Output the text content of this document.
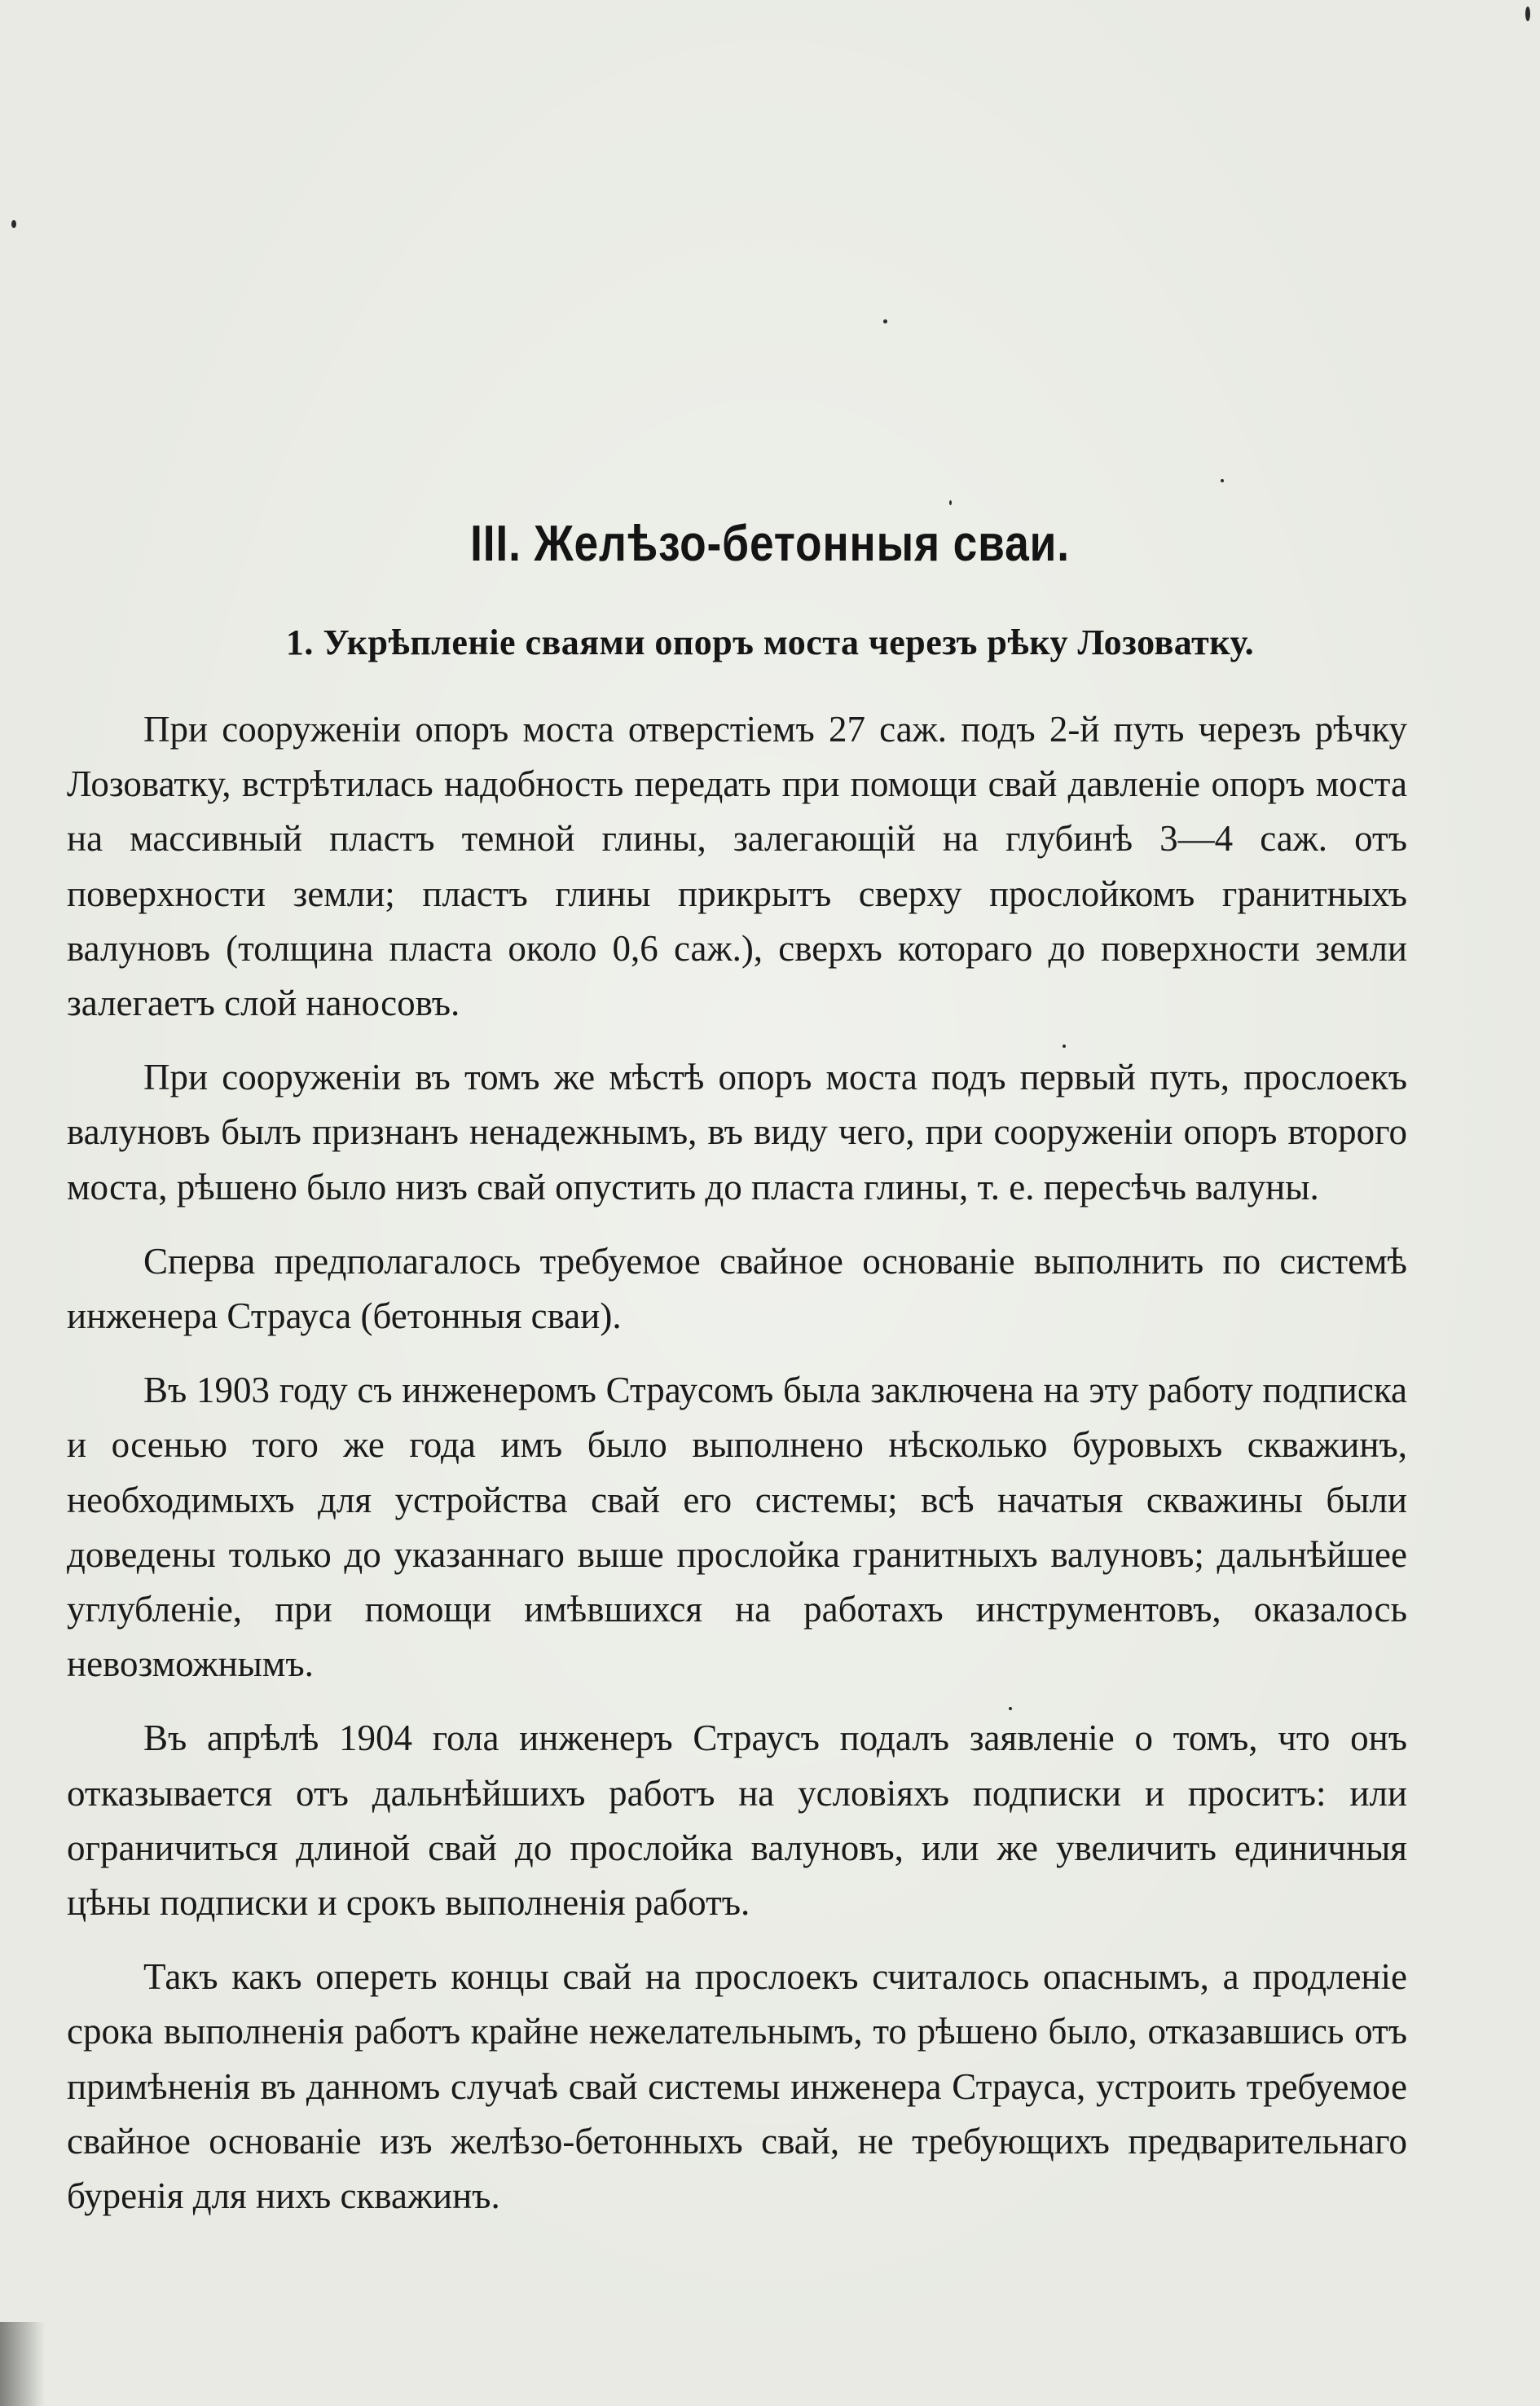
III. Желѣзо-бетонныя сваи.
1. Укрѣпленіе сваями опоръ моста черезъ рѣку Лозоватку.

При сооруженіи опоръ моста отверстіемъ 27 саж. подъ 2-й путь черезъ рѣчку Лозоватку, встрѣтилась надобность передать при помощи свай давленіе опоръ моста на массивный пластъ темной глины, залегающій на глубинѣ 3—4 саж. отъ поверхности земли; пластъ глины прикрытъ сверху прослойкомъ гранитныхъ валуновъ (толщина пласта около 0,6 саж.), сверхъ котораго до поверхности земли залегаетъ слой наносовъ.

При сооруженіи въ томъ же мѣстѣ опоръ моста подъ первый путь, прослоекъ валуновъ былъ признанъ ненадежнымъ, въ виду чего, при сооруженіи опоръ второго моста, рѣшено было низъ свай опустить до пласта глины, т. е. пересѣчь валуны.

Сперва предполагалось требуемое свайное основаніе выполнить по системѣ инженера Страуса (бетонныя сваи).

Въ 1903 году съ инженеромъ Страусомъ была заключена на эту работу подписка и осенью того же года имъ было выполнено нѣсколько буровыхъ скважинъ, необходимыхъ для устройства свай его системы; всѣ начатыя скважины были доведены только до указаннаго выше прослойка гранитныхъ валуновъ; дальнѣйшее углубленіе, при помощи имѣвшихся на работахъ инструментовъ, оказалось невозможнымъ.

Въ апрѣлѣ 1904 гола инженеръ Страусъ подалъ заявленіе о томъ, что онъ отказывается отъ дальнѣйшихъ работъ на условіяхъ подписки и проситъ: или ограничиться длиной свай до прослойка валуновъ, или же увеличить единичныя цѣны подписки и срокъ выполненія работъ.

Такъ какъ опереть концы свай на прослоекъ считалось опаснымъ, а продленіе срока выполненія работъ крайне нежелательнымъ, то рѣшено было, отказавшись отъ примѣненія въ данномъ случаѣ свай системы инженера Страуса, устроить требуемое свайное основаніе изъ желѣзо-бетонныхъ свай, не требующихъ предварительнаго буренія для нихъ скважинъ.
